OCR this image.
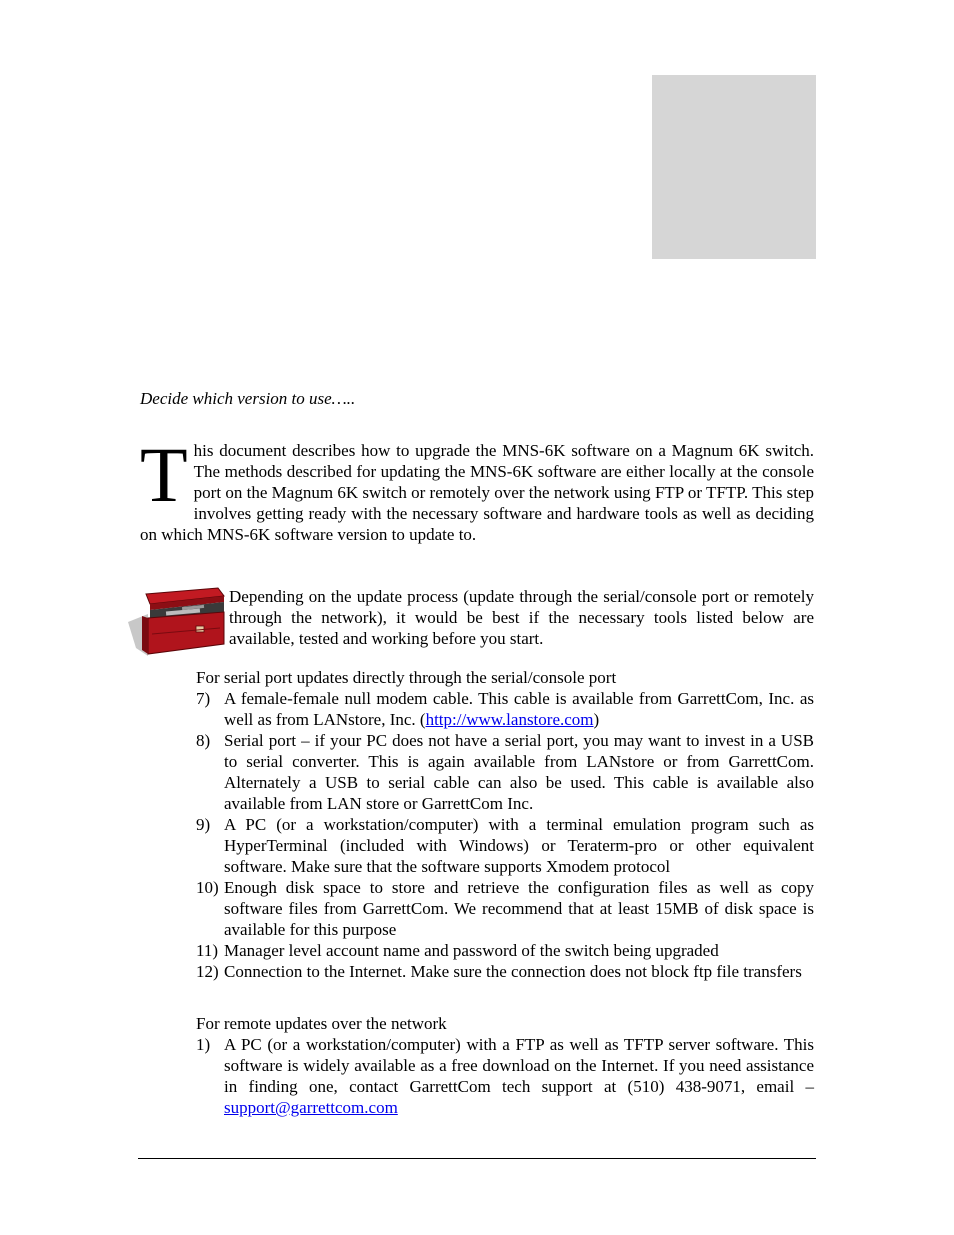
Decide which version to use…..

This document describes how to upgrade the MNS-6K software on a Magnum 6K switch. The methods described for updating the MNS-6K software are either locally at the console port on the Magnum 6K switch or remotely over the network using FTP or TFTP. This step involves getting ready with the necessary software and hardware tools as well as deciding on which MNS-6K software version to update to.

Depending on the update process (update through the serial/console port or remotely through the network), it would be best if the necessary tools listed below are available, tested and working before you start.

For serial port updates directly through the serial/console port
7) A female-female null modem cable. This cable is available from GarrettCom, Inc. as well as from LANstore, Inc. (http://www.lanstore.com)
8) Serial port – if your PC does not have a serial port, you may want to invest in a USB to serial converter. This is again available from LANstore or from GarrettCom. Alternately a USB to serial cable can also be used. This cable is available also available from LAN store or GarrettCom Inc.
9) A PC (or a workstation/computer) with a terminal emulation program such as HyperTerminal (included with Windows) or Teraterm-pro or other equivalent software. Make sure that the software supports Xmodem protocol
10) Enough disk space to store and retrieve the configuration files as well as copy software files from GarrettCom. We recommend that at least 15MB of disk space is available for this purpose
11) Manager level account name and password of the switch being upgraded
12) Connection to the Internet. Make sure the connection does not block ftp file transfers
For remote updates over the network
1) A PC (or a workstation/computer) with a FTP as well as TFTP server software. This software is widely available as a free download on the Internet. If you need assistance in finding one, contact GarrettCom tech support at (510) 438-9071, email – support@garrettcom.com
